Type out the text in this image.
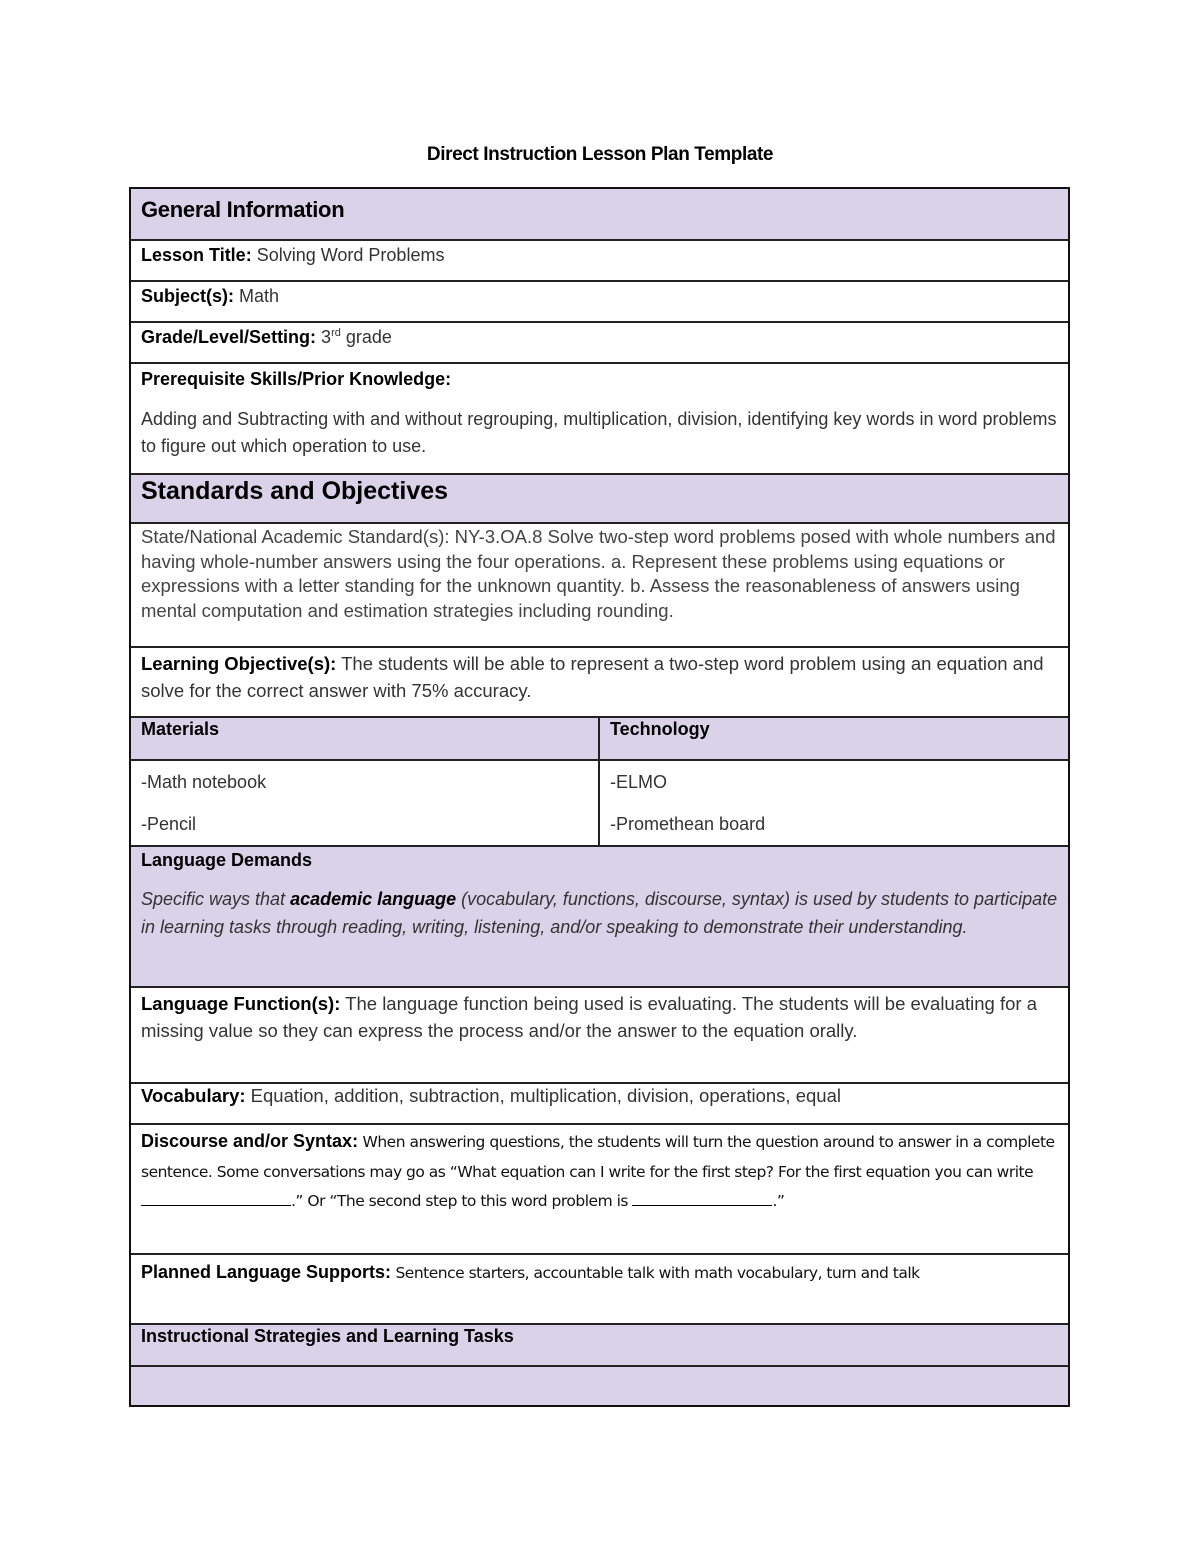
Direct Instruction Lesson Plan Template
General Information
Lesson Title: Solving Word Problems
Subject(s): Math
Grade/Level/Setting: 3rd grade
Prerequisite Skills/Prior Knowledge:
Adding and Subtracting with and without regrouping, multiplication, division, identifying key words in word problems to figure out which operation to use.
Standards and Objectives
State/National Academic Standard(s): NY-3.OA.8 Solve two-step word problems posed with whole numbers and having whole-number answers using the four operations. a. Represent these problems using equations or expressions with a letter standing for the unknown quantity. b. Assess the reasonableness of answers using mental computation and estimation strategies including rounding.
Learning Objective(s): The students will be able to represent a two-step word problem using an equation and solve for the correct answer with 75% accuracy.
Materials	Technology

-Math notebook

-Pencil

-ELMO

-Promethean board

Language Demands
Specific ways that academic language (vocabulary, functions, discourse, syntax) is used by students to participate in learning tasks through reading, writing, listening, and/or speaking to demonstrate their understanding.
Language Function(s): The language function being used is evaluating. The students will be evaluating for a missing value so they can express the process and/or the answer to the equation orally.
Vocabulary: Equation, addition, subtraction, multiplication, division, operations, equal
Discourse and/or Syntax: When answering questions, the students will turn the question around to answer in a complete sentence. Some conversations may go as “What equation can I write for the first step? For the first equation you can write.” Or “The second step to this word problem is	.”
Planned Language Supports: Sentence starters, accountable talk with math vocabulary, turn and talk
Instructional Strategies and Learning Tasks
